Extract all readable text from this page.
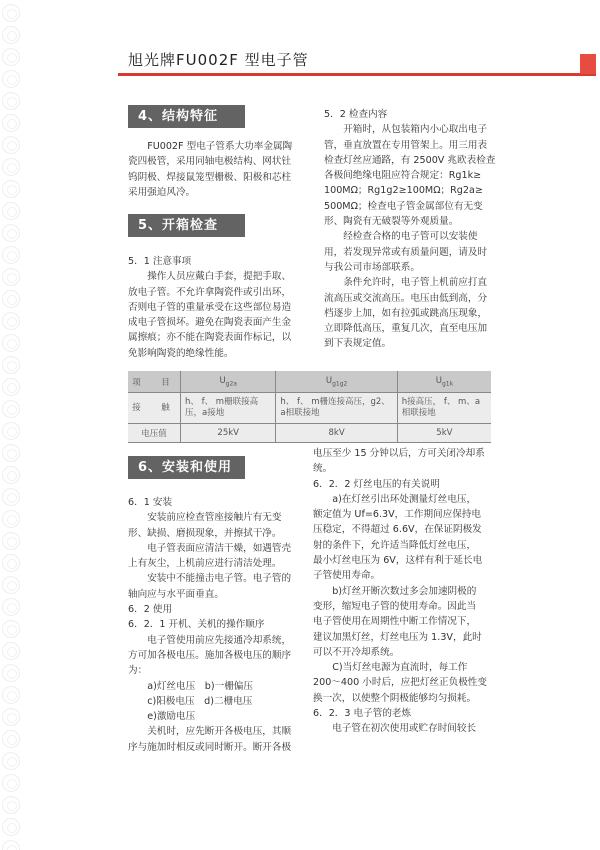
旭光牌FU002F 型电子管
4、结构特征
FU002F 型电子管系大功率金属陶
瓷四极管，采用同轴电极结构、网状钍
钨阴极、焊接鼠笼型栅极、阳极和芯柱
采用强迫风冷。
5、开箱检查
5．1 注意事项
操作人员应戴白手套，提把手取、
放电子管。不允许拿陶瓷件或引出环，
否则电子管的重量承受在这些部位易造
成电子管损坏。避免在陶瓷表面产生金
属擦痕；亦不能在陶瓷表面作标记，以
免影响陶瓷的绝缘性能。
5．2 检查内容
开箱时，从包装箱内小心取出电子
管，垂直放置在专用管架上。用三用表
检查灯丝应通路，有 2500V 兆欧表检查
各极间绝缘电阻应符合规定：Rg1k≥
100MΩ；Rg1g2≥100MΩ；Rg2a≥
500MΩ；检查电子管金属部位有无变
形、陶瓷有无破裂等外观质量。
经检查合格的电子管可以安装使
用，若发现异常或有质量问题，请及时
与我公司市场部联系。
条件允许时，电子管上机前应打直
流高压或交流高压。电压由低到高，分
档逐步上加，如有拉弧或跳高压现象，
立即降低高压，重复几次，直至电压加
到下表规定值。
项　目	$U_{g2a}$	$U_{g1g2}$	$U_{g1k}$
接　触	h、 f、 m栅联接高压，a接地	h、 f、 m栅连接高压，g2、a相联接地	h接高压， f、 m、a相联接地
电压值	25kV	8kV	5kV
6、安装和使用
6．1 安装
安装前应检查管座接触片有无变
形、缺损、磨损现象，并擦拭干净。
电子管表面应清洁干燥，如遇管壳
上有灰尘，上机前应进行清洁处理。
安装中不能撞击电子管。电子管的
轴向应与水平面垂直。
6．2 使用
6．2．1 开机、关机的操作顺序
电子管使用前应先接通冷却系统，
方可加各极电压。施加各极电压的顺序
为：
a)灯丝电压　b)一栅偏压
c)阳极电压　d)二栅电压
e)激励电压
关机时，应先断开各极电压，其顺
序与施加时相反或同时断开。断开各极
电压至少 15 分钟以后，方可关闭冷却系
统。
6．2．2 灯丝电压的有关说明
a)在灯丝引出环处测量灯丝电压，
额定值为 Uf=6.3V，工作期间应保持电
压稳定，不得超过 6.6V，在保证阴极发
射的条件下，允许适当降低灯丝电压，
最小灯丝电压为 6V，这样有利于延长电
子管使用寿命。
b)灯丝开断次数过多会加速阴极的
变形，缩短电子管的使用寿命。因此当
电子管使用在周期性中断工作情况下，
建议加黑灯丝，灯丝电压为 1.3V，此时
可以不开冷却系统。
C)当灯丝电源为直流时，每工作
200～400 小时后，应把灯丝正负极性变
换一次，以使整个阴极能够均匀损耗。
6．2．3 电子管的老炼
电子管在初次使用或贮存时间较长
